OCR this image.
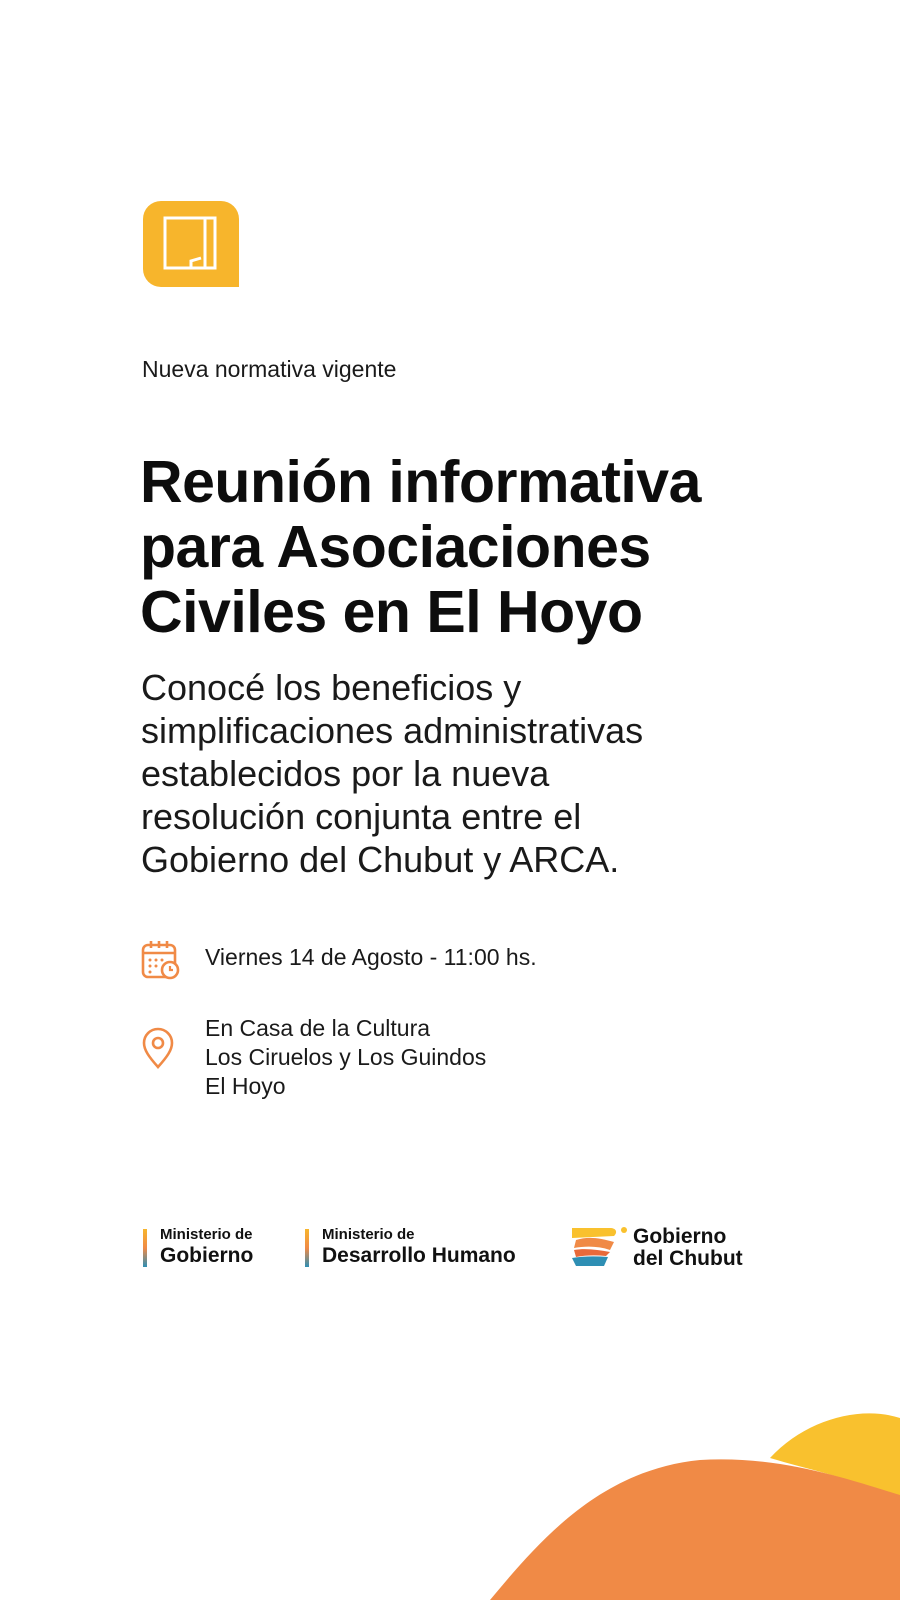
Nueva normativa vigente
Reunión informativa
para Asociaciones
Civiles en El Hoyo
Conocé los beneficios y
simplificaciones administrativas
establecidos por la nueva
resolución conjunta entre el
Gobierno del Chubut y ARCA.
Viernes 14 de Agosto - 11:00 hs.
En Casa de la Cultura
Los Ciruelos y Los Guindos
El Hoyo
Ministerio de
Gobierno
Ministerio de
Desarrollo Humano
Gobierno
del Chubut
